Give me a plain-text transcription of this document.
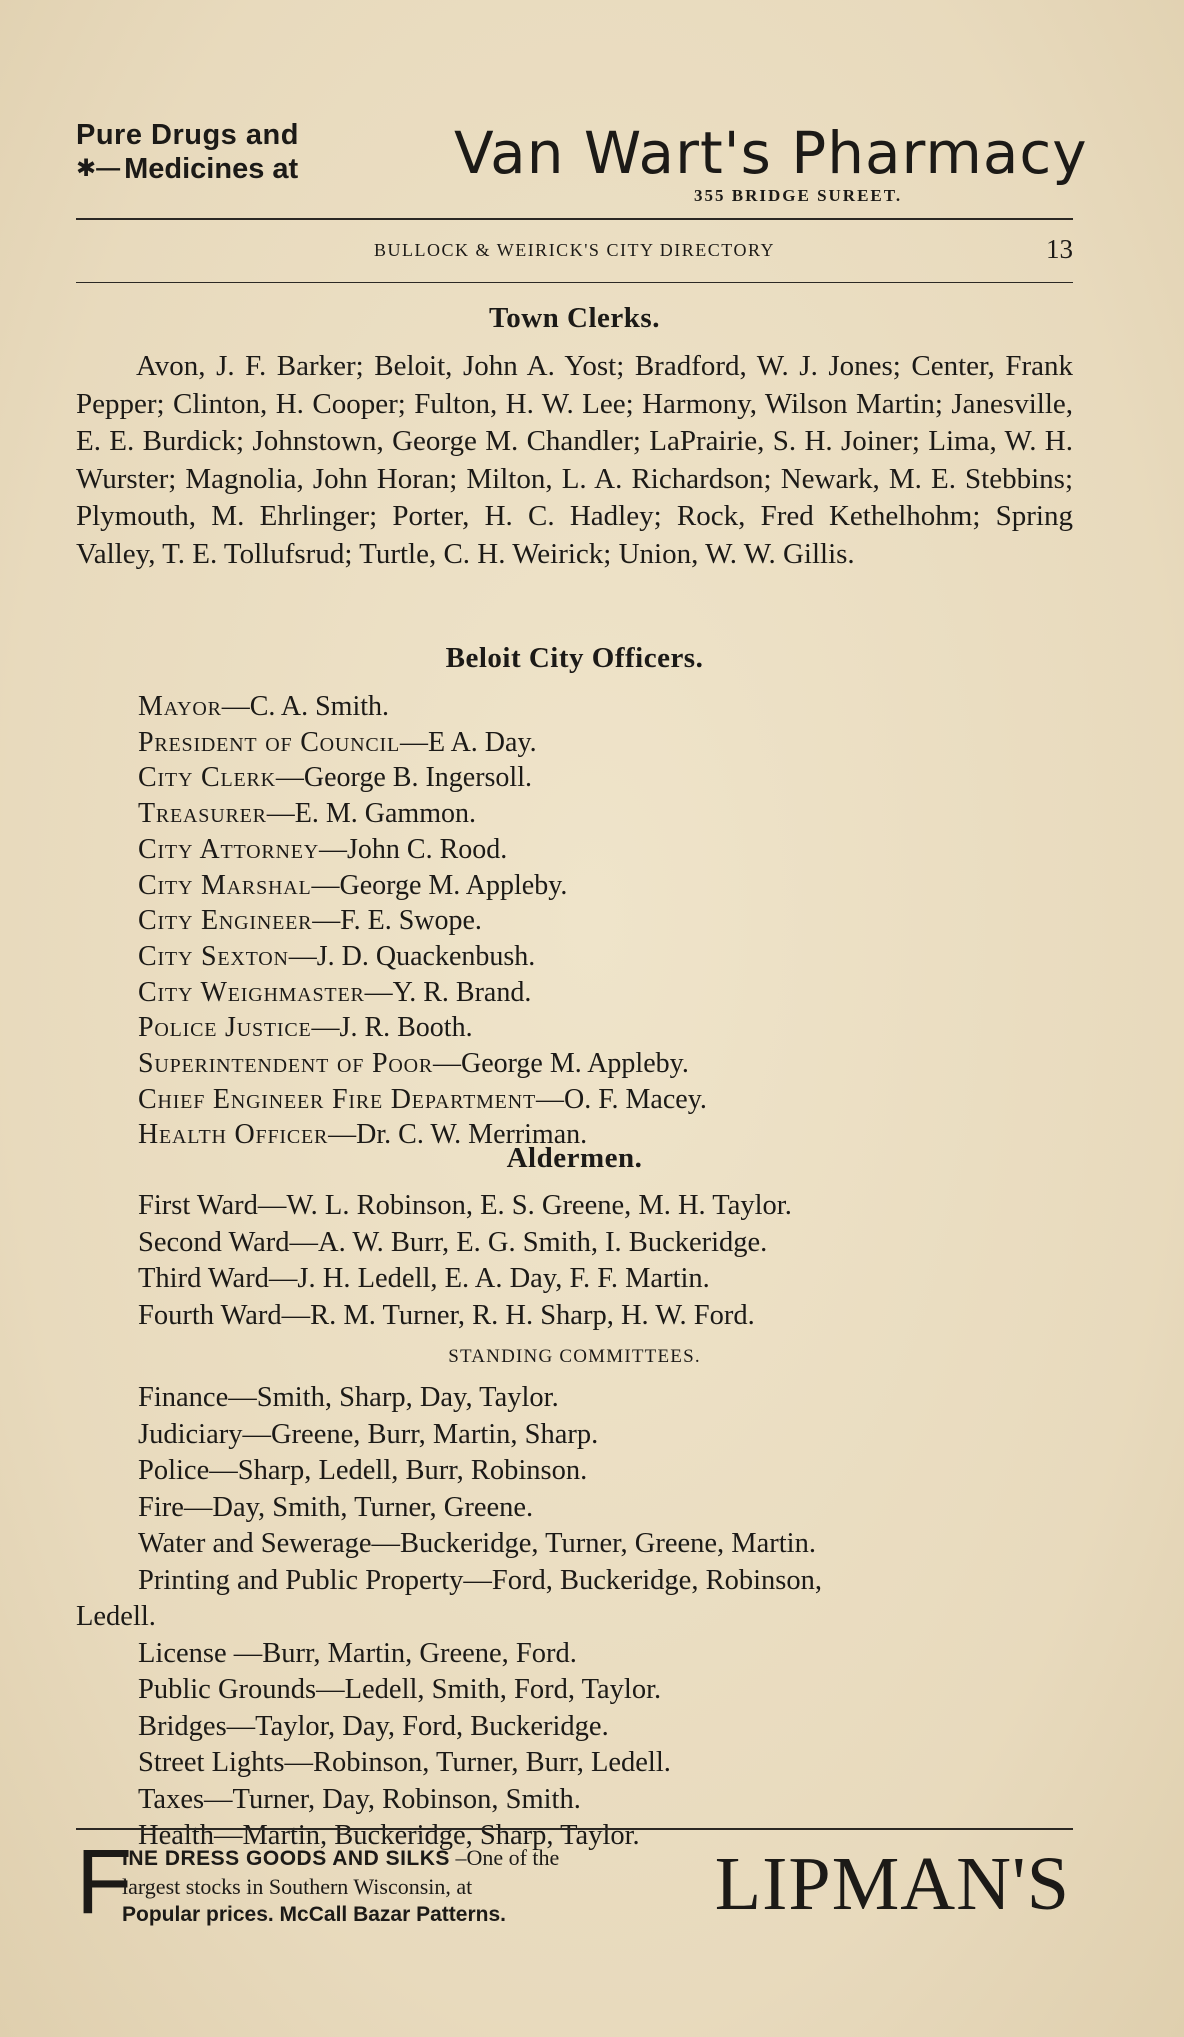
Pure Drugs and
✱— Medicines at	Van Wart's Pharmacy
355 BRIDGE SUREET.
BULLOCK & WEIRICK'S CITY DIRECTORY	13
Town Clerks.
Avon, J. F. Barker; Beloit, John A. Yost; Bradford, W. J. Jones; Center, Frank Pepper; Clinton, H. Cooper; Fulton, H. W. Lee; Harmony, Wilson Martin; Janesville, E. E. Burdick; Johnstown, George M. Chandler; LaPrairie, S. H. Joiner; Lima, W. H. Wurster; Magnolia, John Horan; Milton, L. A. Richardson; Newark, M. E. Stebbins; Plymouth, M. Ehrlinger; Porter, H. C. Hadley; Rock, Fred Kethelhohm; Spring Valley, T. E. Tollufsrud; Turtle, C. H. Weirick; Union, W. W. Gillis.
Beloit City Officers.
Mayor—C. A. Smith.
President of Council—E A. Day.
City Clerk—George B. Ingersoll.
Treasurer—E. M. Gammon.
City Attorney—John C. Rood.
City Marshal—George M. Appleby.
City Engineer—F. E. Swope.
City Sexton—J. D. Quackenbush.
City Weighmaster—Y. R. Brand.
Police Justice—J. R. Booth.
Superintendent of Poor—George M. Appleby.
Chief Engineer Fire Department—O. F. Macey.
Health Officer—Dr. C. W. Merriman.
Aldermen.
First Ward—W. L. Robinson, E. S. Greene, M. H. Taylor.
Second Ward—A. W. Burr, E. G. Smith, I. Buckeridge.
Third Ward—J. H. Ledell, E. A. Day, F. F. Martin.
Fourth Ward—R. M. Turner, R. H. Sharp, H. W. Ford.
STANDING COMMITTEES.
Finance—Smith, Sharp, Day, Taylor.
Judiciary—Greene, Burr, Martin, Sharp.
Police—Sharp, Ledell, Burr, Robinson.
Fire—Day, Smith, Turner, Greene.
Water and Sewerage—Buckeridge, Turner, Greene, Martin.
Printing and Public Property—Ford, Buckeridge, Robinson,
Ledell.
License —Burr, Martin, Greene, Ford.
Public Grounds—Ledell, Smith, Ford, Taylor.
Bridges—Taylor, Day, Ford, Buckeridge.
Street Lights—Robinson, Turner, Burr, Ledell.
Taxes—Turner, Day, Robinson, Smith.
Health—Martin, Buckeridge, Sharp, Taylor.
F
INE DRESS GOODS AND SILKS –One of the
largest stocks in Southern Wisconsin, at
Popular prices. McCall Bazar Patterns.	LIPMAN'S
